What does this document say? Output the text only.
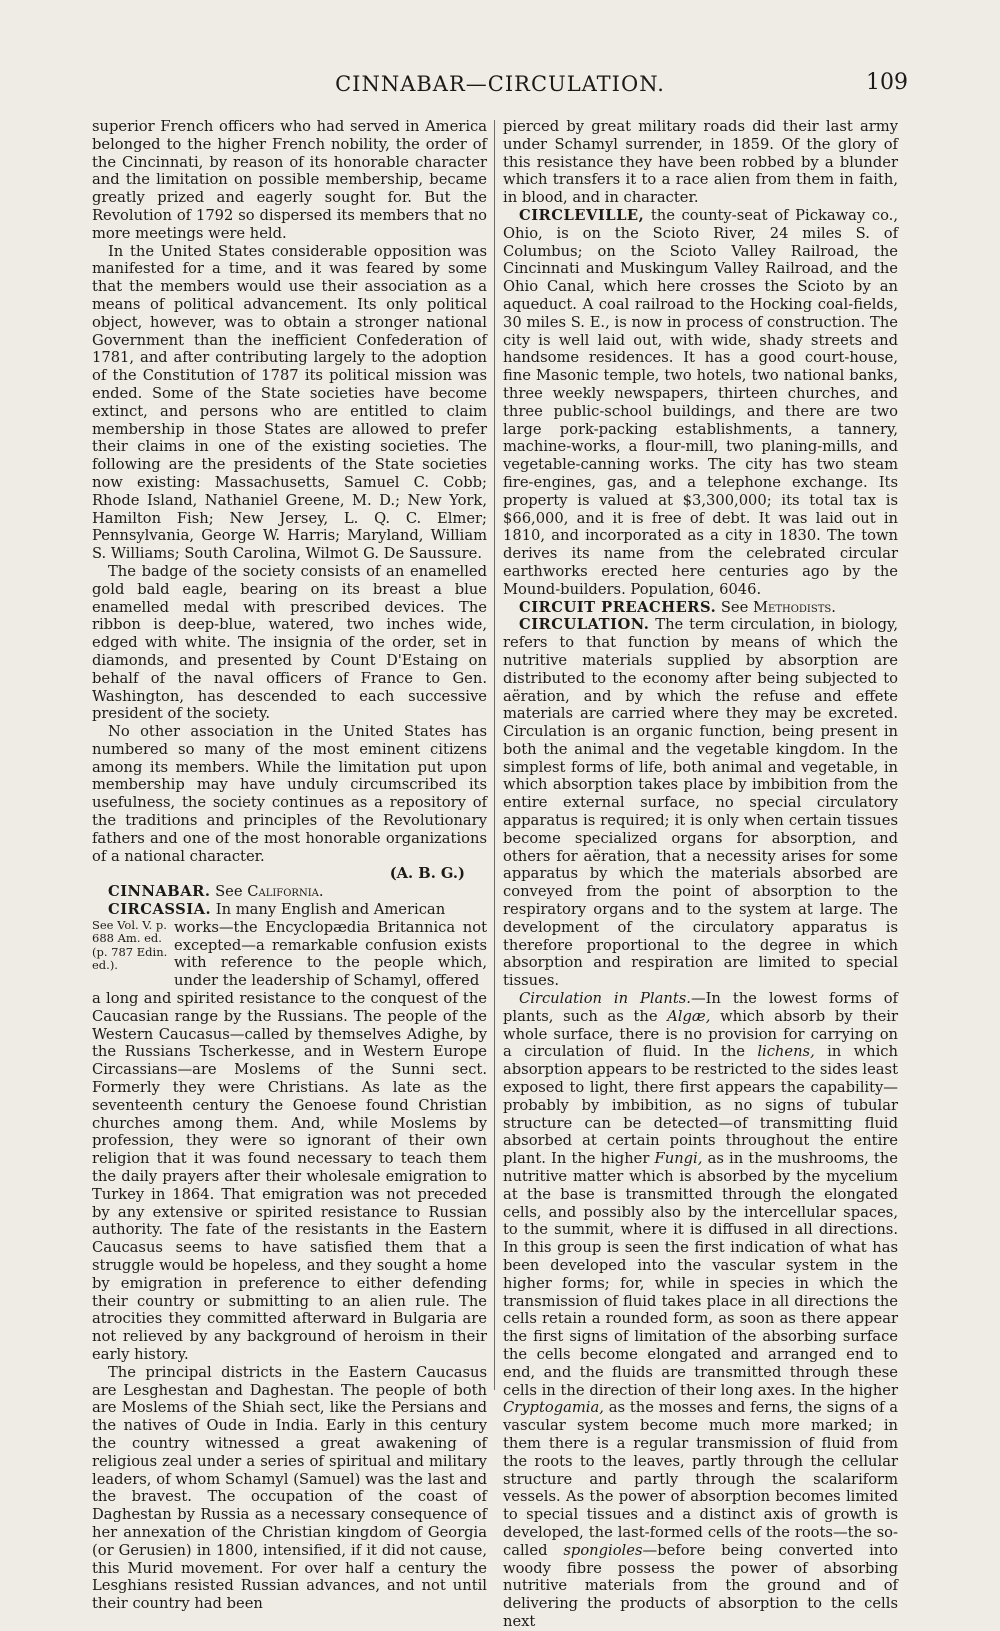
CINNABAR—CIRCULATION.	109

superior French officers who had served in America belonged to the higher French nobility, the order of the Cincinnati, by reason of its honorable character and the limitation on possible membership, became greatly prized and eagerly sought for. But the Revolution of 1792 so dispersed its members that no more meetings were held.

In the United States considerable opposition was manifested for a time, and it was feared by some that the members would use their association as a means of political advancement. Its only political object, however, was to obtain a stronger national Government than the inefficient Confederation of 1781, and after contributing largely to the adoption of the Constitution of 1787 its political mission was ended. Some of the State societies have become extinct, and persons who are entitled to claim membership in those States are allowed to prefer their claims in one of the existing societies. The following are the presidents of the State societies now existing: Massachusetts, Samuel C. Cobb; Rhode Island, Nathaniel Greene, M. D.; New York, Hamilton Fish; New Jersey, L. Q. C. Elmer; Pennsylvania, George W. Harris; Maryland, William S. Williams; South Carolina, Wilmot G. De Saussure.

The badge of the society consists of an enamelled gold bald eagle, bearing on its breast a blue enamelled medal with prescribed devices. The ribbon is deep-blue, watered, two inches wide, edged with white. The insignia of the order, set in diamonds, and presented by Count D'Estaing on behalf of the naval officers of France to Gen. Washington, has descended to each successive president of the society.

No other association in the United States has numbered so many of the most eminent citizens among its members. While the limitation put upon membership may have unduly circumscribed its usefulness, the society continues as a repository of the traditions and principles of the Revolutionary fathers and one of the most honorable organizations of a national character.

(A. B. G.)

CINNABAR. See California.

CIRCASSIA. In many English and American

See Vol. V. p. 688 Am. ed. (p. 787 Edin. ed.).
works—the Encyclopædia Britannica not excepted—a remarkable confusion exists with reference to the people which, under the leadership of Schamyl, offered

a long and spirited resistance to the conquest of the Caucasian range by the Russians. The people of the Western Caucasus—called by themselves Adighe, by the Russians Tscherkesse, and in Western Europe Circassians—are Moslems of the Sunni sect. Formerly they were Christians. As late as the seventeenth century the Genoese found Christian churches among them. And, while Moslems by profession, they were so ignorant of their own religion that it was found necessary to teach them the daily prayers after their wholesale emigration to Turkey in 1864. That emigration was not preceded by any extensive or spirited resistance to Russian authority. The fate of the resistants in the Eastern Caucasus seems to have satisfied them that a struggle would be hopeless, and they sought a home by emigration in preference to either defending their country or submitting to an alien rule. The atrocities they committed afterward in Bulgaria are not relieved by any background of heroism in their early history.

The principal districts in the Eastern Caucasus are Lesghestan and Daghestan. The people of both are Moslems of the Shiah sect, like the Persians and the natives of Oude in India. Early in this century the country witnessed a great awakening of religious zeal under a series of spiritual and military leaders, of whom Schamyl (Samuel) was the last and the bravest. The occupation of the coast of Daghestan by Russia as a necessary consequence of her annexation of the Christian kingdom of Georgia (or Gerusien) in 1800, intensified, if it did not cause, this Murid movement. For over half a century the Lesghians resisted Russian advances, and not until their country had been

pierced by great military roads did their last army under Schamyl surrender, in 1859. Of the glory of this resistance they have been robbed by a blunder which transfers it to a race alien from them in faith, in blood, and in character.

CIRCLEVILLE, the county-seat of Pickaway co., Ohio, is on the Scioto River, 24 miles S. of Columbus; on the Scioto Valley Railroad, the Cincinnati and Muskingum Valley Railroad, and the Ohio Canal, which here crosses the Scioto by an aqueduct. A coal railroad to the Hocking coal-fields, 30 miles S. E., is now in process of construction. The city is well laid out, with wide, shady streets and handsome residences. It has a good court-house, fine Masonic temple, two hotels, two national banks, three weekly newspapers, thirteen churches, and three public-school buildings, and there are two large pork-packing establishments, a tannery, machine-works, a flour-mill, two planing-mills, and vegetable-canning works. The city has two steam fire-engines, gas, and a telephone exchange. Its property is valued at $3,300,000; its total tax is $66,000, and it is free of debt. It was laid out in 1810, and incorporated as a city in 1830. The town derives its name from the celebrated circular earthworks erected here centuries ago by the Mound-builders. Population, 6046.

CIRCUIT PREACHERS. See Methodists.

CIRCULATION. The term circulation, in biology, refers to that function by means of which the nutritive materials supplied by absorption are distributed to the economy after being subjected to aëration, and by which the refuse and effete materials are carried where they may be excreted. Circulation is an organic function, being present in both the animal and the vegetable kingdom. In the simplest forms of life, both animal and vegetable, in which absorption takes place by imbibition from the entire external surface, no special circulatory apparatus is required; it is only when certain tissues become specialized organs for absorption, and others for aëration, that a necessity arises for some apparatus by which the materials absorbed are conveyed from the point of absorption to the respiratory organs and to the system at large. The development of the circulatory apparatus is therefore proportional to the degree in which absorption and respiration are limited to special tissues.

Circulation in Plants.—In the lowest forms of plants, such as the Algæ, which absorb by their whole surface, there is no provision for carrying on a circulation of fluid. In the lichens, in which absorption appears to be restricted to the sides least exposed to light, there first appears the capability—probably by imbibition, as no signs of tubular structure can be detected—of transmitting fluid absorbed at certain points throughout the entire plant. In the higher Fungi, as in the mushrooms, the nutritive matter which is absorbed by the mycelium at the base is transmitted through the elongated cells, and possibly also by the intercellular spaces, to the summit, where it is diffused in all directions. In this group is seen the first indication of what has been developed into the vascular system in the higher forms; for, while in species in which the transmission of fluid takes place in all directions the cells retain a rounded form, as soon as there appear the first signs of limitation of the absorbing surface the cells become elongated and arranged end to end, and the fluids are transmitted through these cells in the direction of their long axes. In the higher Cryptogamia, as the mosses and ferns, the signs of a vascular system become much more marked; in them there is a regular transmission of fluid from the roots to the leaves, partly through the cellular structure and partly through the scalariform vessels. As the power of absorption becomes limited to special tissues and a distinct axis of growth is developed, the last-formed cells of the roots—the so-called spongioles—before being converted into woody fibre possess the power of absorbing nutritive materials from the ground and of delivering the products of absorption to the cells next
